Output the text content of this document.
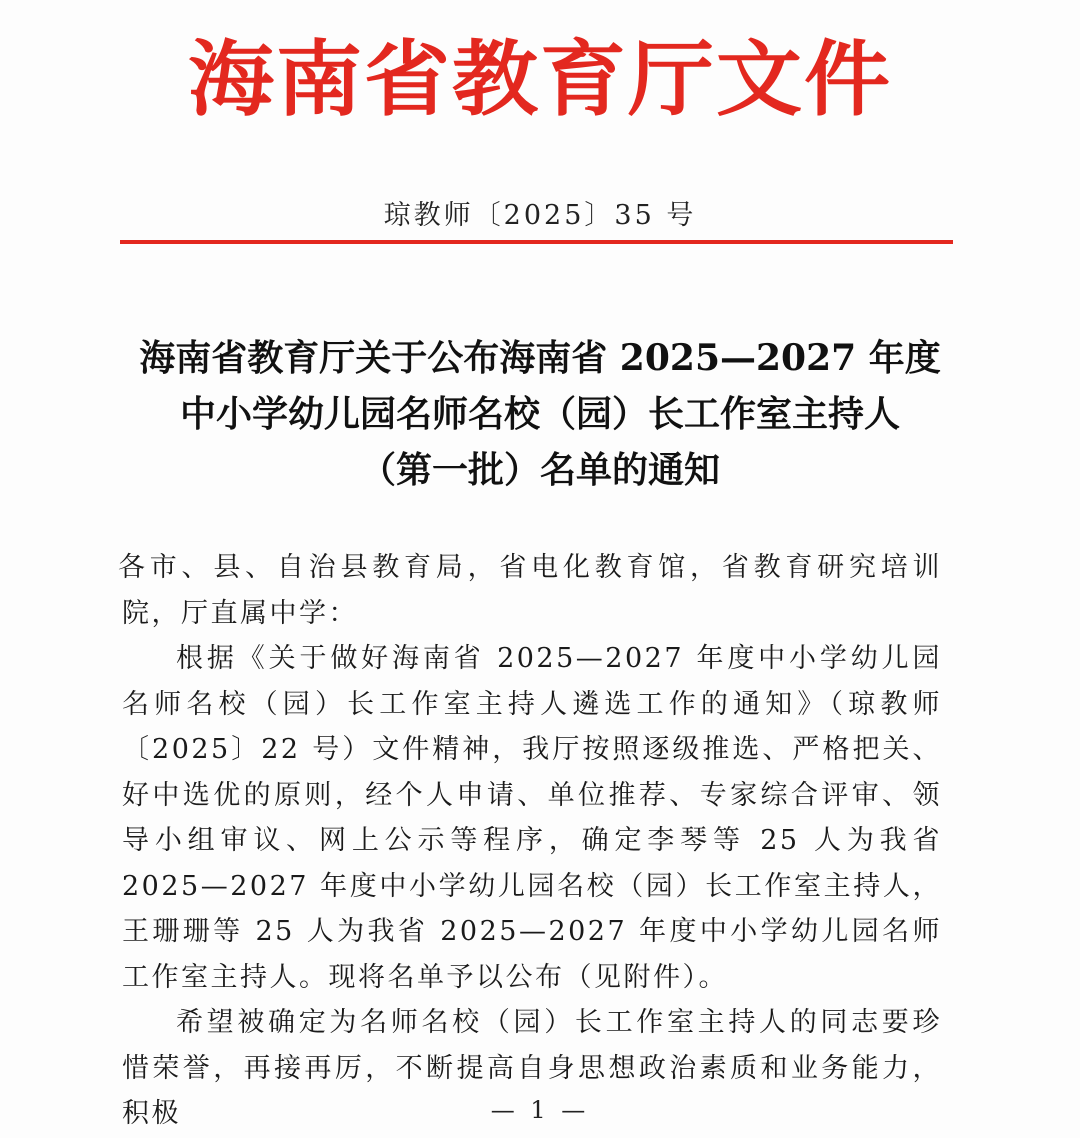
海南省教育厅文件
琼教师〔2025〕35 号
海南省教育厅关于公布海南省 2025—2027 年度
中小学幼儿园名师名校（园）长工作室主持人
（第一批）名单的通知

各市、县、自治县教育局，省电化教育馆，省教育研究培训院，厅直属中学：

根据《关于做好海南省 2025—2027 年度中小学幼儿园名师名校（园）长工作室主持人遴选工作的通知》（琼教师〔2025〕22 号）文件精神，我厅按照逐级推选、严格把关、好中选优的原则，经个人申请、单位推荐、专家综合评审、领导小组审议、网上公示等程序，确定李琴等 25 人为我省 2025—2027 年度中小学幼儿园名校（园）长工作室主持人，王珊珊等 25 人为我省 2025—2027 年度中小学幼儿园名师工作室主持人。现将名单予以公布（见附件）。

希望被确定为名师名校（园）长工作室主持人的同志要珍惜荣誉，再接再厉，不断提高自身思想政治素质和业务能力，积极	— 1 —
